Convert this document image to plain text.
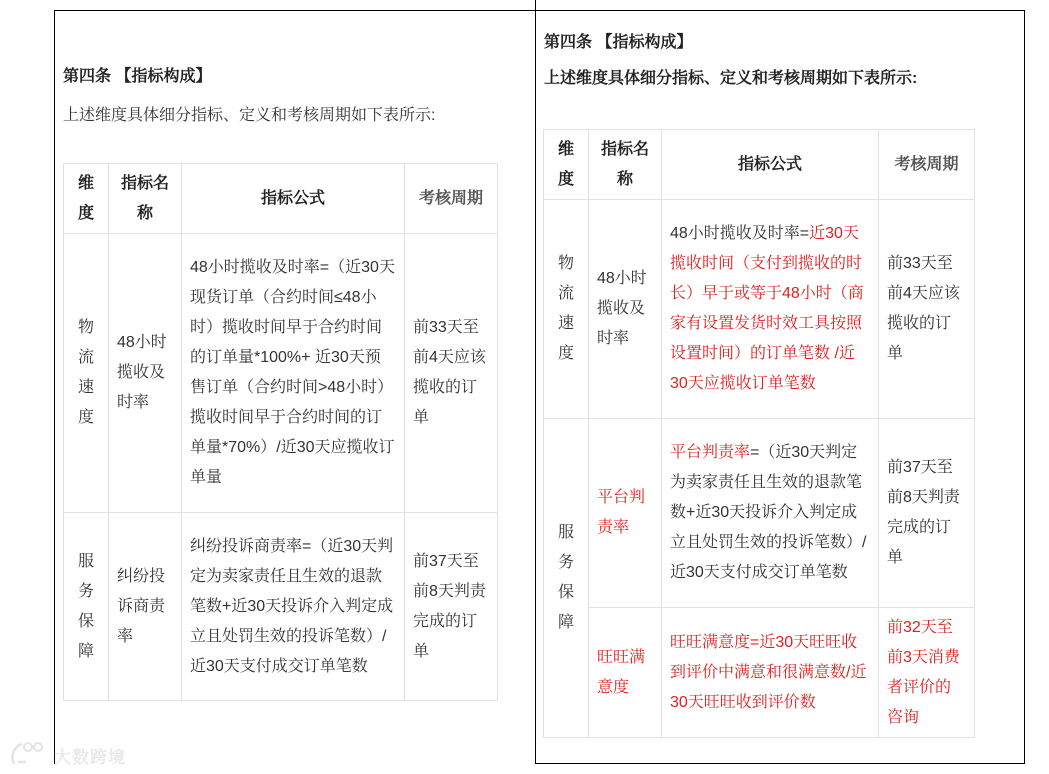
第四条 【指标构成】
上述维度具体细分指标、定义和考核周期如下表所示:
维度	指标名称	指标公式	考核周期
物流速度	48小时揽收及时率	48小时揽收及时率=（近30天现货订单（合约时间≤48小时）揽收时间早于合约时间的订单量*100%+ 近30天预售订单（合约时间>48小时）揽收时间早于合约时间的订单量*70%）/近30天应揽收订单量	前33天至前4天应该揽收的订单
服务保障	纠纷投诉商责率	纠纷投诉商责率=（近30天判定为卖家责任且生效的退款笔数+近30天投诉介入判定成立且处罚生效的投诉笔数）/近30天支付成交订单笔数	前37天至前8天判责完成的订单
第四条 【指标构成】
上述维度具体细分指标、定义和考核周期如下表所示:
维度	指标名称	指标公式	考核周期
物流速度	48小时揽收及时率	48小时揽收及时率=近30天揽收时间（支付到揽收的时长）早于或等于48小时（商家有设置发货时效工具按照设置时间）的订单笔数 /近30天应揽收订单笔数	前33天至前4天应该揽收的订单
服务保障	平台判责率	平台判责率=（近30天判定为卖家责任且生效的退款笔数+近30天投诉介入判定成立且处罚生效的投诉笔数）/近30天支付成交订单笔数	前37天至前8天判责完成的订单
	旺旺满意度	旺旺满意度=近30天旺旺收到评价中满意和很满意数/近30天旺旺收到评价数	前32天至前3天消费者评价的咨询
大数跨境
